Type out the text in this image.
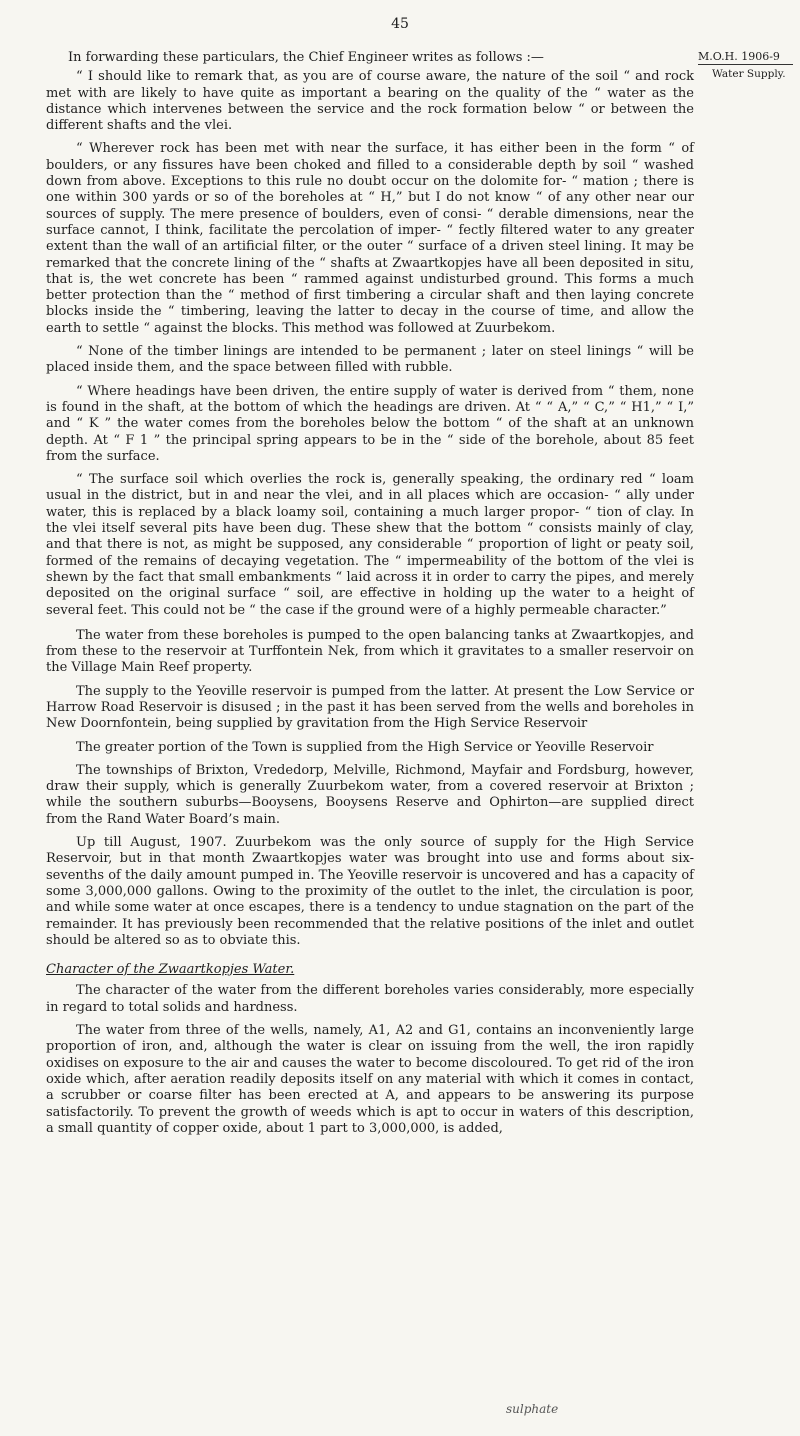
45
M.O.H. 1906-9
Water Supply.

In forwarding these particulars, the Chief Engineer writes as follows :—

“ I should like to remark that, as you are of course aware, the nature of the soil “ and rock met with are likely to have quite as important a bearing on the quality of the “ water as the distance which intervenes between the service and the rock formation below “ or between the different shafts and the vlei.

“ Wherever rock has been met with near the surface, it has either been in the form “ of boulders, or any fissures have been choked and filled to a considerable depth by soil “ washed down from above. Exceptions to this rule no doubt occur on the dolomite for- “ mation ; there is one within 300 yards or so of the boreholes at “ H,” but I do not know “ of any other near our sources of supply. The mere presence of boulders, even of consi- “ derable dimensions, near the surface cannot, I think, facilitate the percolation of imper- “ fectly filtered water to any greater extent than the wall of an artificial filter, or the outer “ surface of a driven steel lining. It may be remarked that the concrete lining of the “ shafts at Zwaartkopjes have all been deposited in situ, that is, the wet concrete has been “ rammed against undisturbed ground. This forms a much better protection than the “ method of first timbering a circular shaft and then laying concrete blocks inside the “ timbering, leaving the latter to decay in the course of time, and allow the earth to settle “ against the blocks. This method was followed at Zuurbekom.

“ None of the timber linings are intended to be permanent ; later on steel linings “ will be placed inside them, and the space between filled with rubble.

“ Where headings have been driven, the entire supply of water is derived from “ them, none is found in the shaft, at the bottom of which the headings are driven. At “ “ A,” “ C,” “ H1,” “ I,” and “ K ” the water comes from the boreholes below the bottom “ of the shaft at an unknown depth. At “ F 1 ” the principal spring appears to be in the “ side of the borehole, about 85 feet from the surface.

“ The surface soil which overlies the rock is, generally speaking, the ordinary red “ loam usual in the district, but in and near the vlei, and in all places which are occasion- “ ally under water, this is replaced by a black loamy soil, containing a much larger propor- “ tion of clay. In the vlei itself several pits have been dug. These shew that the bottom “ consists mainly of clay, and that there is not, as might be supposed, any considerable “ proportion of light or peaty soil, formed of the remains of decaying vegetation. The “ impermeability of the bottom of the vlei is shewn by the fact that small embankments “ laid across it in order to carry the pipes, and merely deposited on the original surface “ soil, are effective in holding up the water to a height of several feet. This could not be “ the case if the ground were of a highly permeable character.”

The water from these boreholes is pumped to the open balancing tanks at Zwaartkopjes, and from these to the reservoir at Turffontein Nek, from which it gravitates to a smaller reservoir on the Village Main Reef property.

The supply to the Yeoville reservoir is pumped from the latter. At present the Low Service or Harrow Road Reservoir is disused ; in the past it has been served from the wells and boreholes in New Doornfontein, being supplied by gravitation from the High Service Reservoir

The greater portion of the Town is supplied from the High Service or Yeoville Reservoir

The townships of Brixton, Vrededorp, Melville, Richmond, Mayfair and Fordsburg, however, draw their supply, which is generally Zuurbekom water, from a covered reservoir at Brixton ; while the southern suburbs—Booysens, Booysens Reserve and Ophirton—are supplied direct from the Rand Water Board’s main.

Up till August, 1907. Zuurbekom was the only source of supply for the High Service Reservoir, but in that month Zwaartkopjes water was brought into use and forms about six-sevenths of the daily amount pumped in. The Yeoville reservoir is uncovered and has a capacity of some 3,000,000 gallons. Owing to the proximity of the outlet to the inlet, the circulation is poor, and while some water at once escapes, there is a tendency to undue stagnation on the part of the remainder. It has previously been recommended that the relative positions of the inlet and outlet should be altered so as to obviate this.

Character of the Zwaartkopjes Water.

The character of the water from the different boreholes varies considerably, more especially in regard to total solids and hardness.

The water from three of the wells, namely, A1, A2 and G1, contains an inconveniently large proportion of iron, and, although the water is clear on issuing from the well, the iron rapidly oxidises on exposure to the air and causes the water to become discoloured. To get rid of the iron oxide which, after aeration readily deposits itself on any material with which it comes in contact, a scrubber or coarse filter has been erected at A, and appears to be answering its purpose satisfactorily. To prevent the growth of weeds which is apt to occur in waters of this description, a small quantity of copper oxide, about 1 part to 3,000,000, is added,

sulphate
